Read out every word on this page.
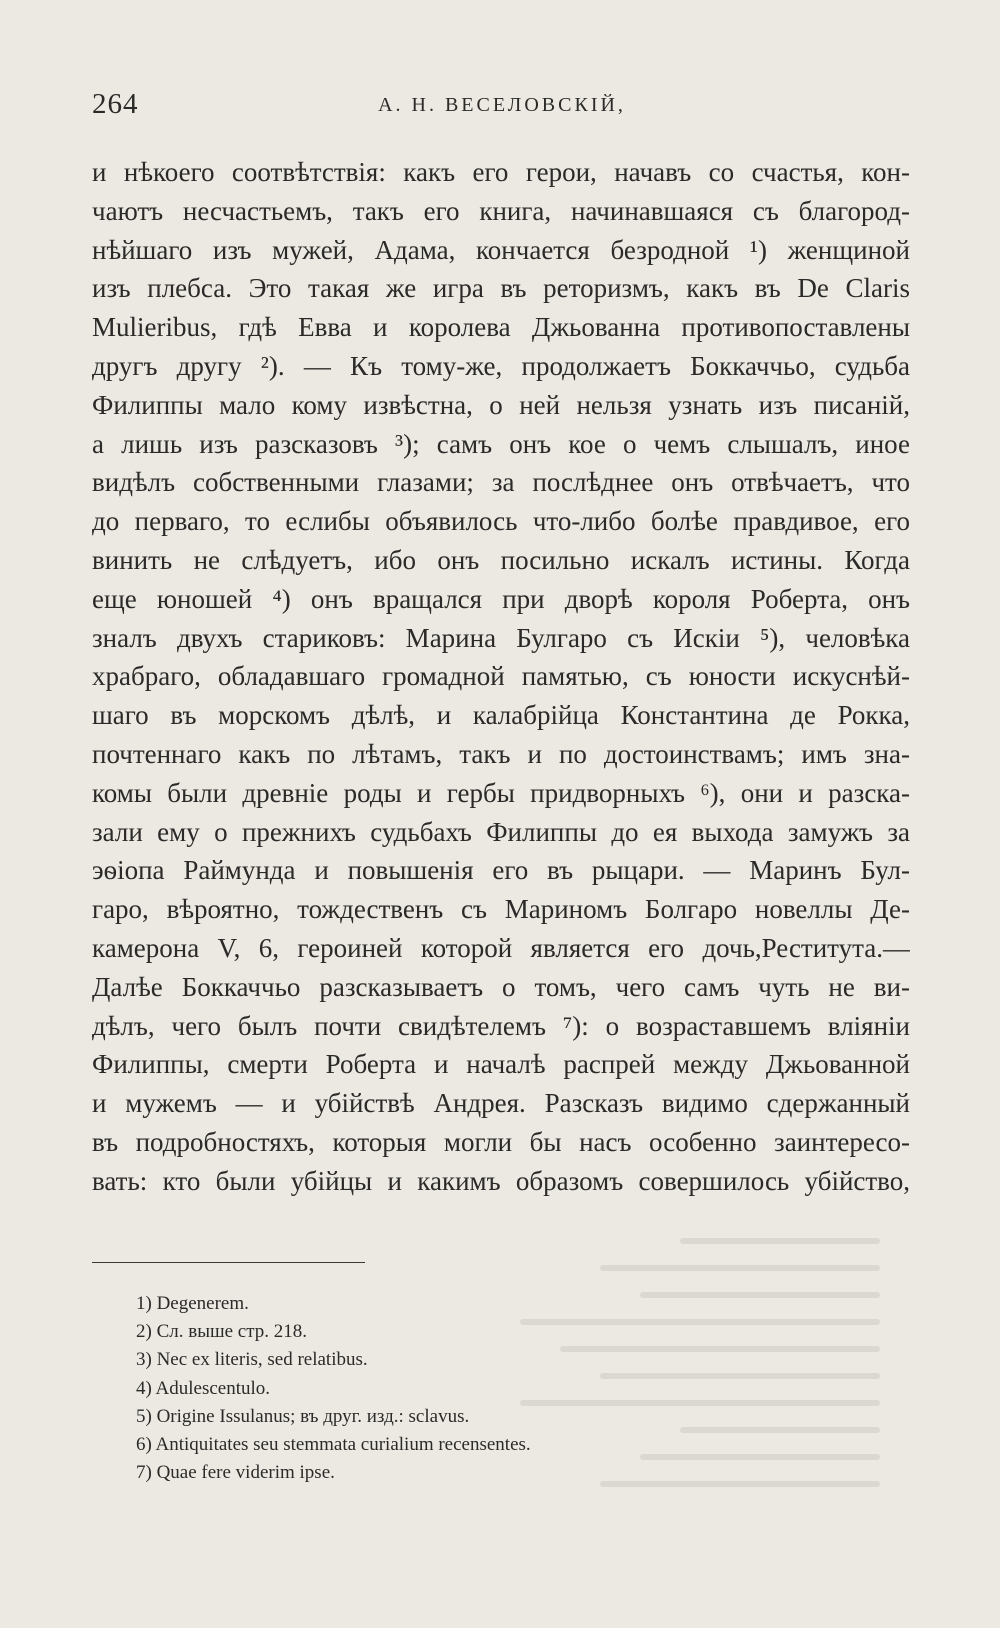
264	А. Н. ВЕСЕЛОВСКІЙ,
и нѣкоего соотвѣтствія: какъ его герои, начавъ со счастья, кон-
чаютъ несчастьемъ, такъ его книга, начинавшаяся съ благород-
нѣйшаго изъ мужей, Адама, кончается безродной ¹) женщиной
изъ плебса. Это такая же игра въ реторизмъ, какъ въ De Claris
Mulieribus, гдѣ Евва и королева Джьованна противопоставлены
другъ другу ²). — Къ тому-же, продолжаетъ Боккаччьо, судьба
Филиппы мало кому извѣстна, о ней нельзя узнать изъ писаній,
а лишь изъ разсказовъ ³); самъ онъ кое о чемъ слышалъ, иное
видѣлъ собственными глазами; за послѣднее онъ отвѣчаетъ, что
до перваго, то еслибы объявилось что-либо болѣе правдивое, его
винить не слѣдуетъ, ибо онъ посильно искалъ истины. Когда
еще юношей ⁴) онъ вращался при дворѣ короля Роберта, онъ
зналъ двухъ стариковъ: Марина Булгаро съ Искіи ⁵), человѣка
храбраго, обладавшаго громадной памятью, съ юности искуснѣй-
шаго въ морскомъ дѣлѣ, и калабрійца Константина де Рокка,
почтеннаго какъ по лѣтамъ, такъ и по достоинствамъ; имъ зна-
комы были древніе роды и гербы придворныхъ ⁶), они и разска-
зали ему о прежнихъ судьбахъ Филиппы до ея выхода замужъ за
эѳіопа Раймунда и повышенія его въ рыцари. — Маринъ Бул-
гаро, вѣроятно, тождественъ съ Мариномъ Болгаро новеллы Де-
камерона V, 6, героиней которой является его дочь,Реститута.—
Далѣе Боккаччьо разсказываетъ о томъ, чего самъ чуть не ви-
дѣлъ, чего былъ почти свидѣтелемъ ⁷): о возраставшемъ вліяніи
Филиппы, смерти Роберта и началѣ распрей между Джьованной
и мужемъ — и убійствѣ Андрея. Разсказъ видимо сдержанный
въ подробностяхъ, которыя могли бы насъ особенно заинтересо-
вать: кто были убійцы и какимъ образомъ совершилось убійство,
1) Degenerem.
2) Сл. выше стр. 218.
3) Nec ex literis, sed relatibus.
4) Adulescentulo.
5) Origine Issulanus; въ друг. изд.: sclavus.
6) Antiquitates seu stemmata curialium recensentes.
7) Quae fere viderim ipse.
